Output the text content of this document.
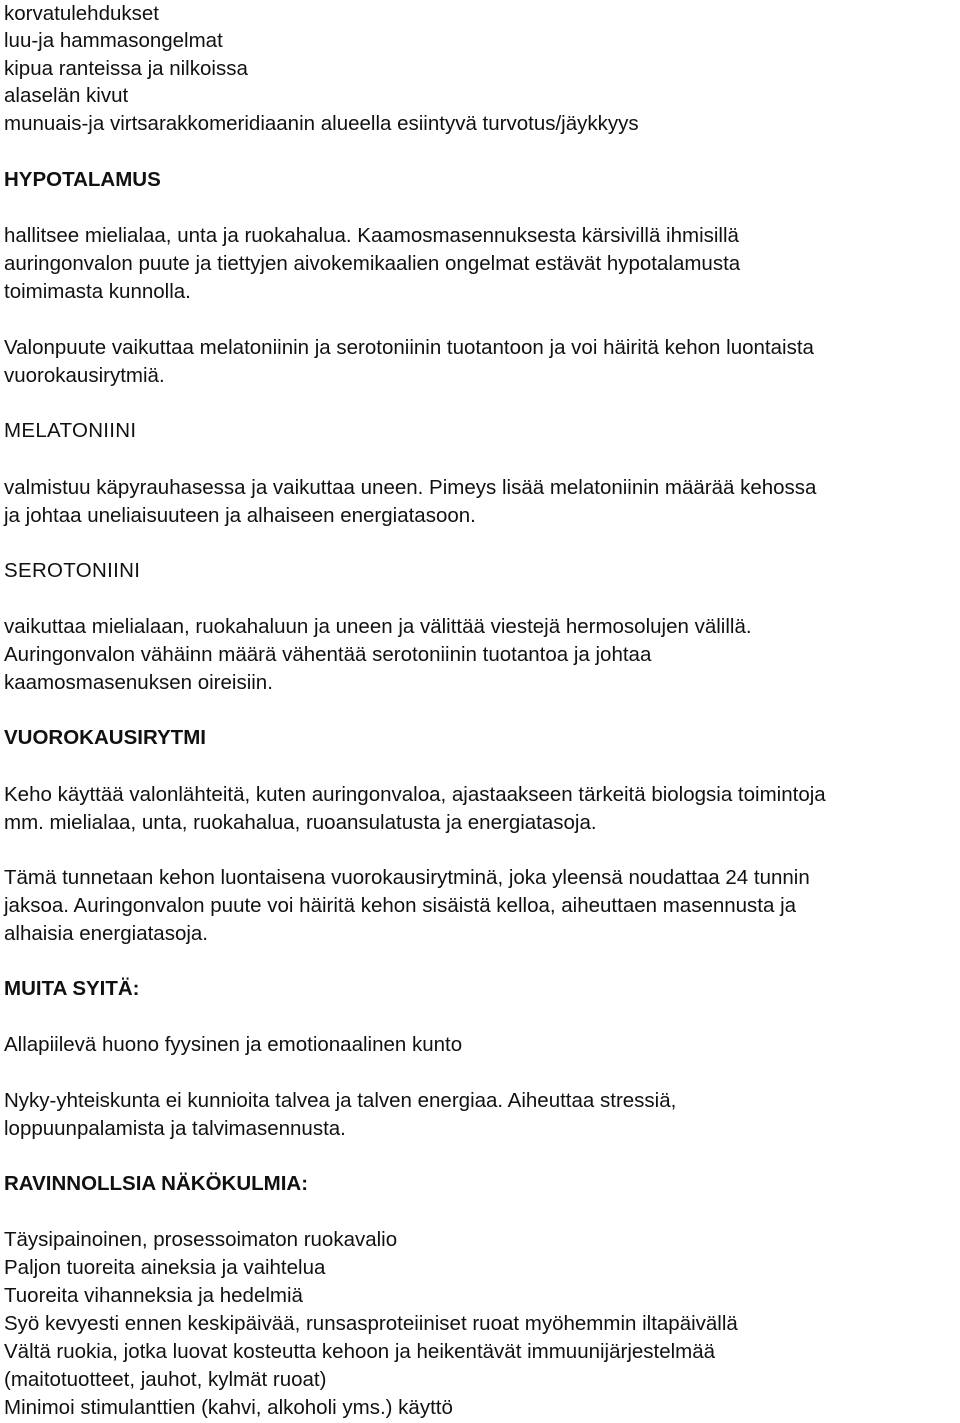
korvatulehdukset
luu-ja hammasongelmat
kipua ranteissa ja nilkoissa
alaselän kivut
munuais-ja virtsarakkomeridiaanin alueella esiintyvä turvotus/jäykkyys
HYPOTALAMUS
hallitsee mielialaa, unta ja ruokahalua. Kaamosmasennuksesta kärsivillä ihmisillä
auringonvalon puute ja tiettyjen aivokemikaalien ongelmat estävät hypotalamusta
toimimasta kunnolla.
Valonpuute vaikuttaa melatoniinin ja serotoniinin tuotantoon ja voi häiritä kehon luontaista
vuorokausirytmiä.
MELATONIINI
valmistuu käpyrauhasessa ja vaikuttaa uneen. Pimeys lisää melatoniinin määrää kehossa
ja johtaa uneliaisuuteen ja alhaiseen energiatasoon.
SEROTONIINI
vaikuttaa mielialaan, ruokahaluun ja uneen ja välittää viestejä hermosolujen välillä.
Auringonvalon vähäinn määrä vähentää serotoniinin tuotantoa ja johtaa
kaamosmasenuksen oireisiin.
VUOROKAUSIRYTMI
Keho käyttää valonlähteitä, kuten auringonvaloa, ajastaakseen tärkeitä biologsia toimintoja
mm. mielialaa, unta, ruokahalua, ruoansulatusta ja energiatasoja.
Tämä tunnetaan kehon luontaisena vuorokausirytminä, joka yleensä noudattaa 24 tunnin
jaksoa. Auringonvalon puute voi häiritä kehon sisäistä kelloa, aiheuttaen masennusta ja
alhaisia energiatasoja.
MUITA SYITÄ:
Allapiilevä huono fyysinen ja emotionaalinen kunto
Nyky-yhteiskunta ei kunnioita talvea ja talven energiaa. Aiheuttaa stressiä,
loppuunpalamista ja talvimasennusta.
RAVINNOLLSIA NÄKÖKULMIA:
Täysipainoinen, prosessoimaton ruokavalio
Paljon tuoreita aineksia ja vaihtelua
Tuoreita vihanneksia ja hedelmiä
Syö kevyesti ennen keskipäivää, runsasproteiiniset ruoat myöhemmin iltapäivällä
Vältä ruokia, jotka luovat kosteutta kehoon ja heikentävät immuunijärjestelmää
(maitotuotteet, jauhot, kylmät ruoat)
Minimoi stimulanttien (kahvi, alkoholi yms.) käyttö
